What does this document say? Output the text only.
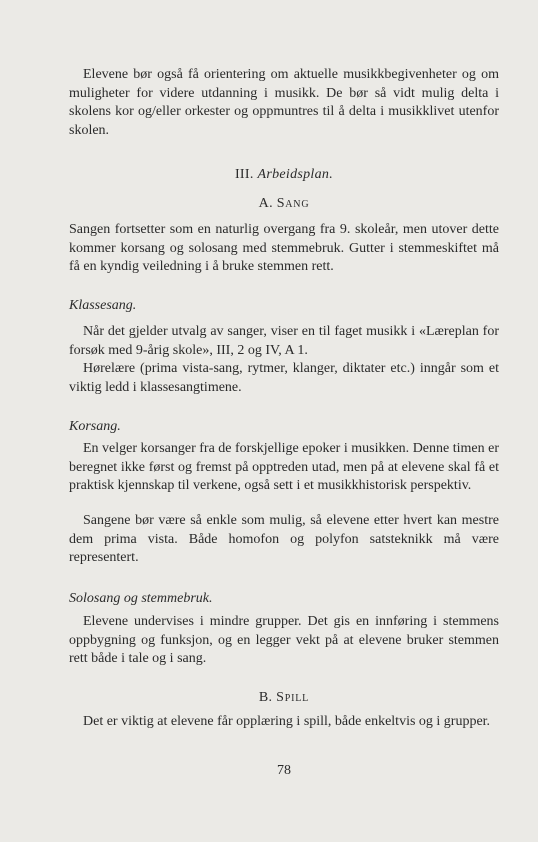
Elevene bør også få orientering om aktuelle musikkbegivenheter og om muligheter for videre utdanning i musikk. De bør så vidt mulig delta i skolens kor og/eller orkester og oppmuntres til å delta i musikklivet utenfor skolen.

III. Arbeidsplan.
A. Sang

Sangen fortsetter som en naturlig overgang fra 9. skoleår, men utover dette kommer korsang og solosang med stemmebruk. Gutter i stemmeskiftet må få en kyndig veiledning i å bruke stemmen rett.

Klassesang.

Når det gjelder utvalg av sanger, viser en til faget musikk i «Læreplan for forsøk med 9-årig skole», III, 2 og IV, A 1.

Hørelære (prima vista-sang, rytmer, klanger, diktater etc.) inngår som et viktig ledd i klassesangtimene.

Korsang.

En velger korsanger fra de forskjellige epoker i musikken. Denne timen er beregnet ikke først og fremst på opptreden utad, men på at elevene skal få et praktisk kjennskap til verkene, også sett i et musikkhistorisk perspektiv.

Sangene bør være så enkle som mulig, så elevene etter hvert kan mestre dem prima vista. Både homofon og polyfon satsteknikk må være representert.

Solosang og stemmebruk.

Elevene undervises i mindre grupper. Det gis en innføring i stemmens oppbygning og funksjon, og en legger vekt på at elevene bruker stemmen rett både i tale og i sang.

B. Spill

Det er viktig at elevene får opplæring i spill, både enkeltvis og i grupper.

78
